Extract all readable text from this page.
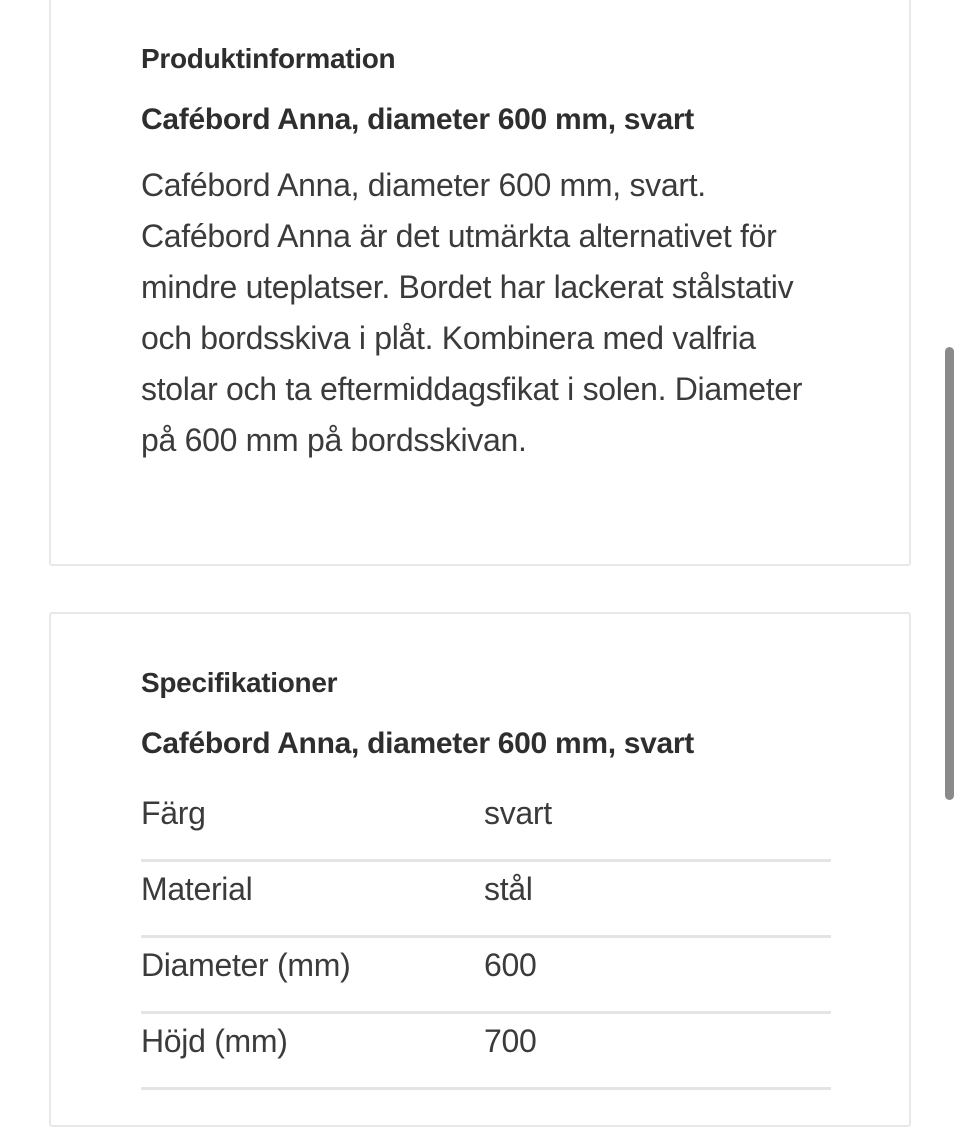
Produktinformation
Cafébord Anna, diameter 600 mm, svart

Cafébord Anna, diameter 600 mm, svart. Cafébord Anna är det utmärkta alternativet för mindre uteplatser. Bordet har lackerat stålstativ och bordsskiva i plåt. Kombinera med valfria stolar och ta eftermiddagsfikat i solen. Diameter på 600 mm på bordsskivan.

Specifikationer
Cafébord Anna, diameter 600 mm, svart
Färg	svart
Material	stål
Diameter (mm)	600
Höjd (mm)	700
